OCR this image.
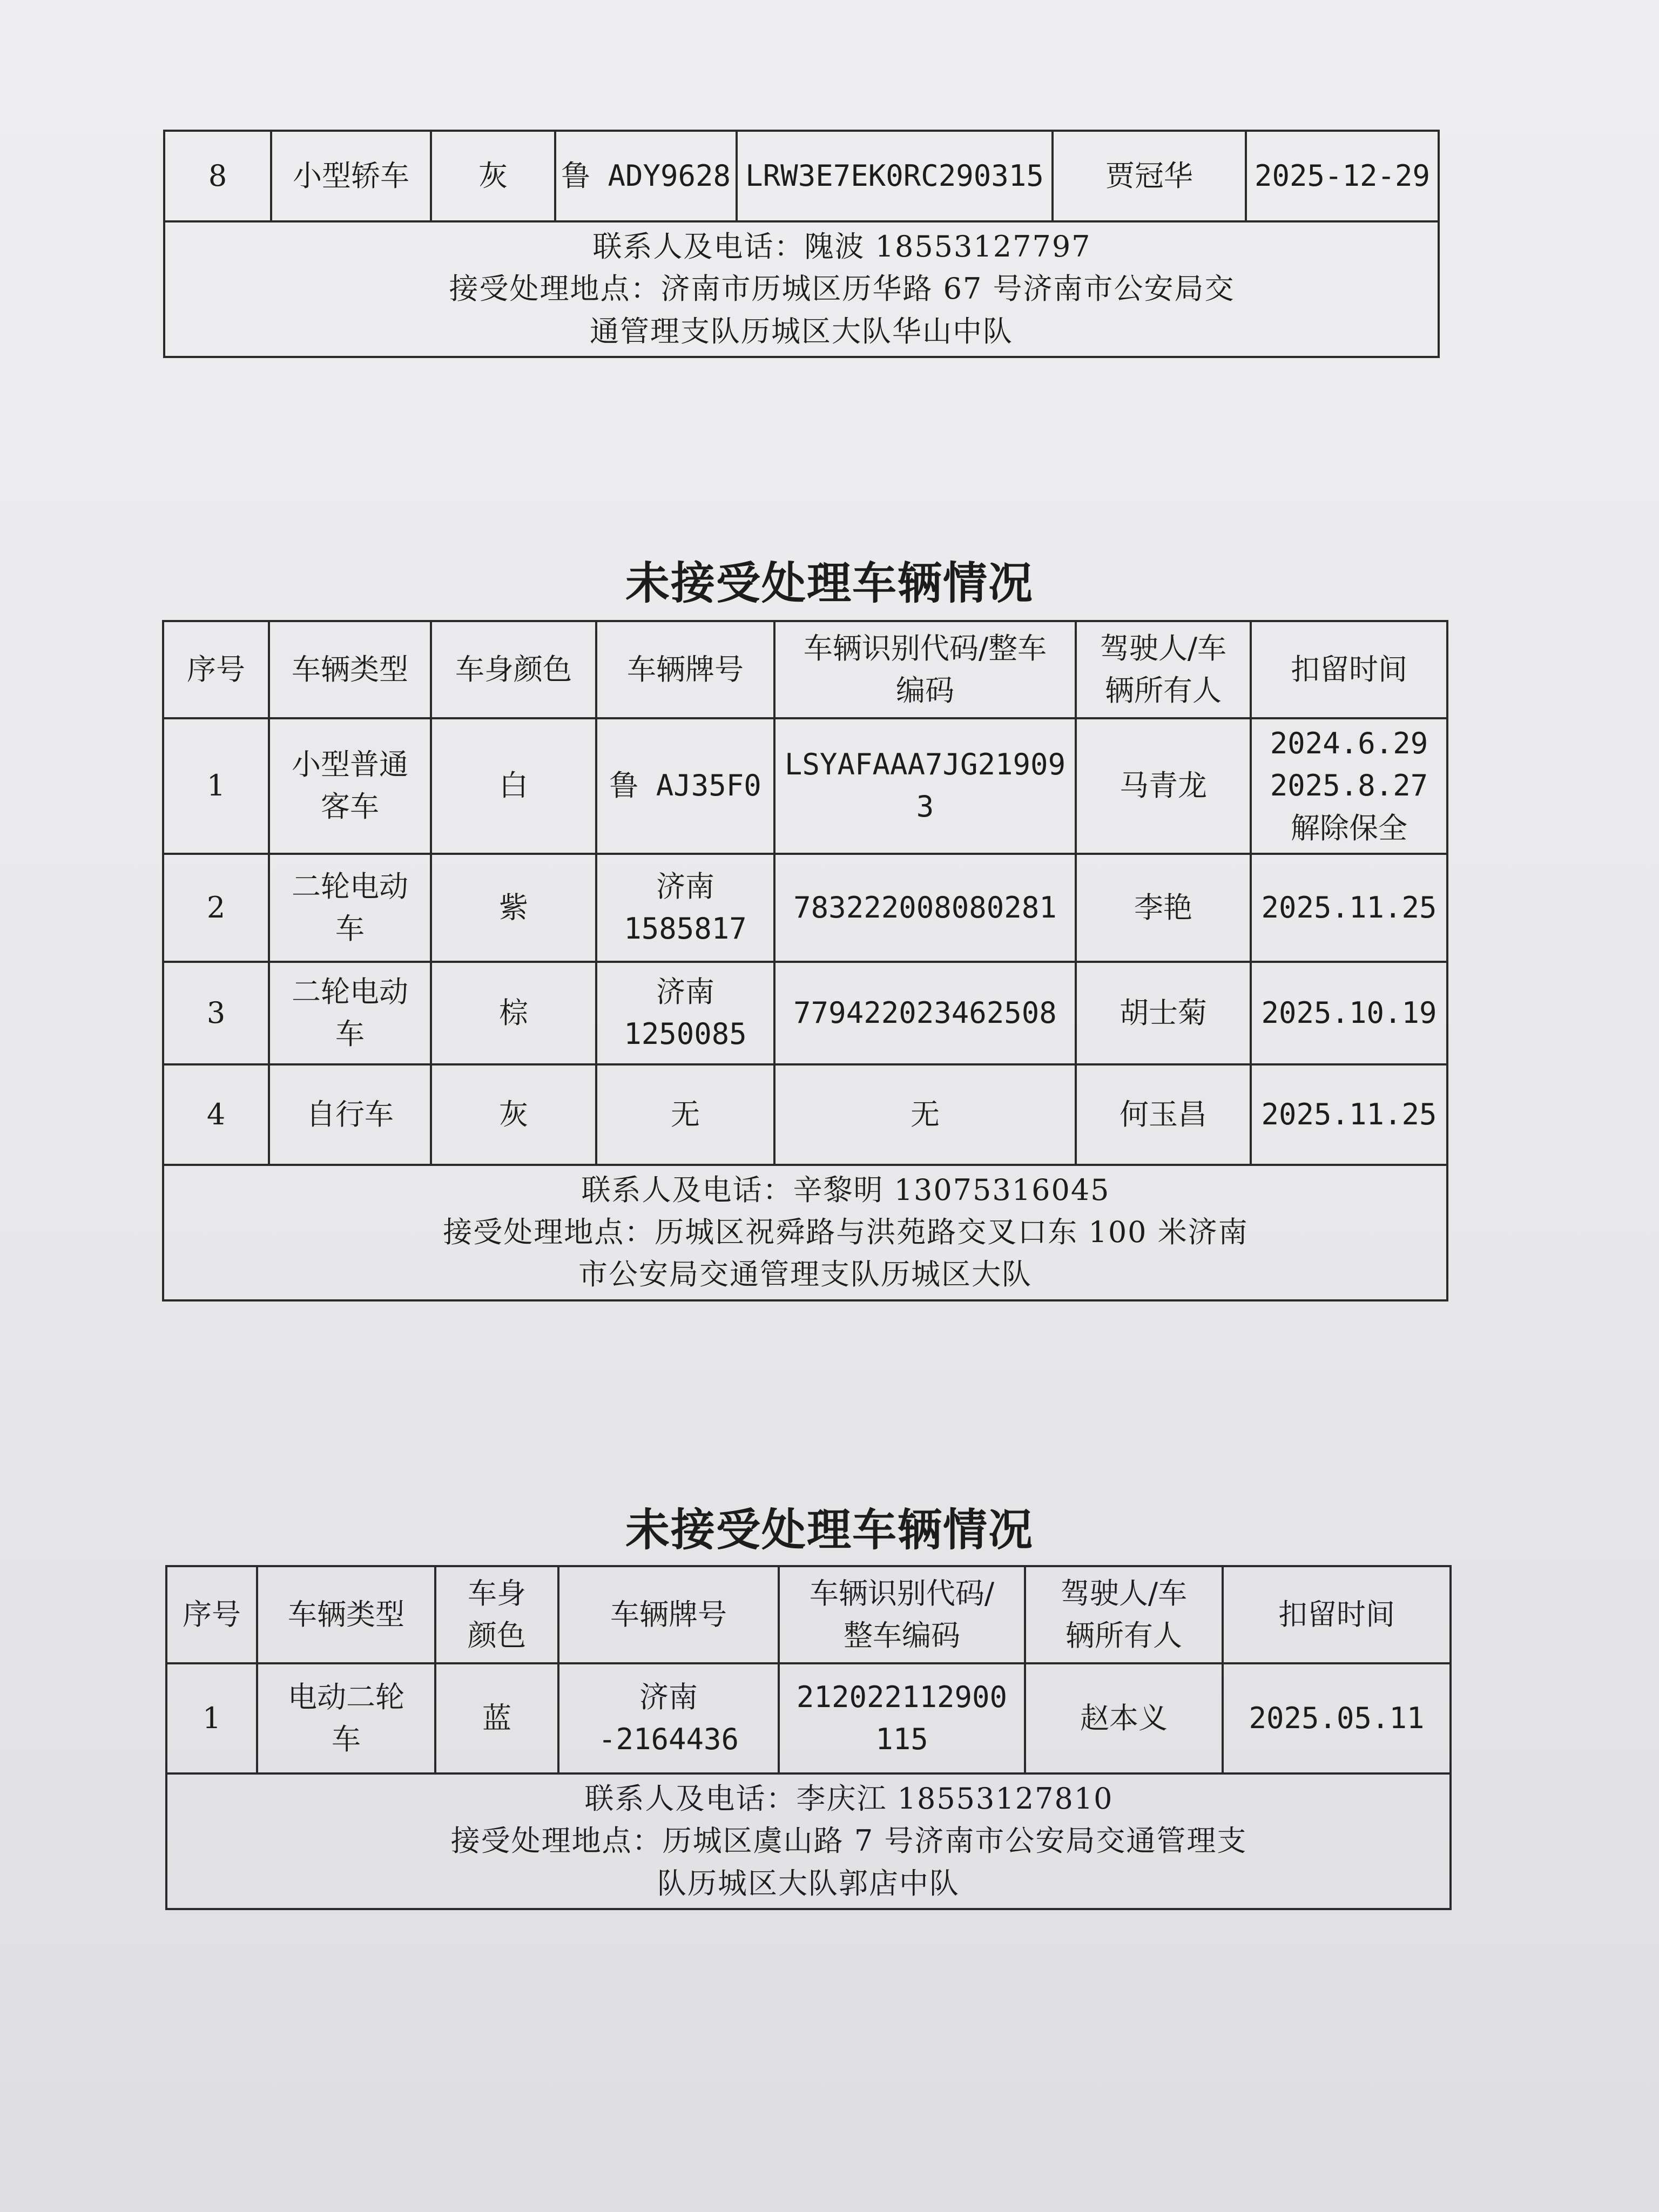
8	小型轿车	灰	鲁 ADY9628	LRW3E7EK0RC290315	贾冠华	2025-12-29

联系人及电话：隗波 18553127797
接受处理地点：济南市历城区历华路 67 号济南市公安局交
通管理支队历城区大队华山中队
未接受处理车辆情况
序号	车辆类型	车身颜色	车辆牌号	车辆识别代码/整车
编码	驾驶人/车
辆所有人	扣留时间
1	小型普通
客车	白	鲁 AJ35F0	LSYAFAAA7JG219093	马青龙	2024.6.29
2025.8.27
解除保全

2	二轮电动
车	紫	济南
1585817	783222008080281	李艳	2025.11.25
3	二轮电动
车	棕	济南
1250085	779422023462508	胡士菊	2025.10.19
4	自行车	灰	无	无	何玉昌	2025.11.25

联系人及电话：辛黎明 13075316045
接受处理地点：历城区祝舜路与洪苑路交叉口东 100 米济南
市公安局交通管理支队历城区大队						
未接受处理车辆情况
序号	车辆类型	车身
颜色	车辆牌号	车辆识别代码/
整车编码	驾驶人/车
辆所有人	扣留时间
1	电动二轮
车	蓝	济南
-2164436	212022112900
115	赵本义	2025.05.11

联系人及电话：李庆江 18553127810
接受处理地点：历城区虞山路 7 号济南市公安局交通管理支
队历城区大队郭店中队						
